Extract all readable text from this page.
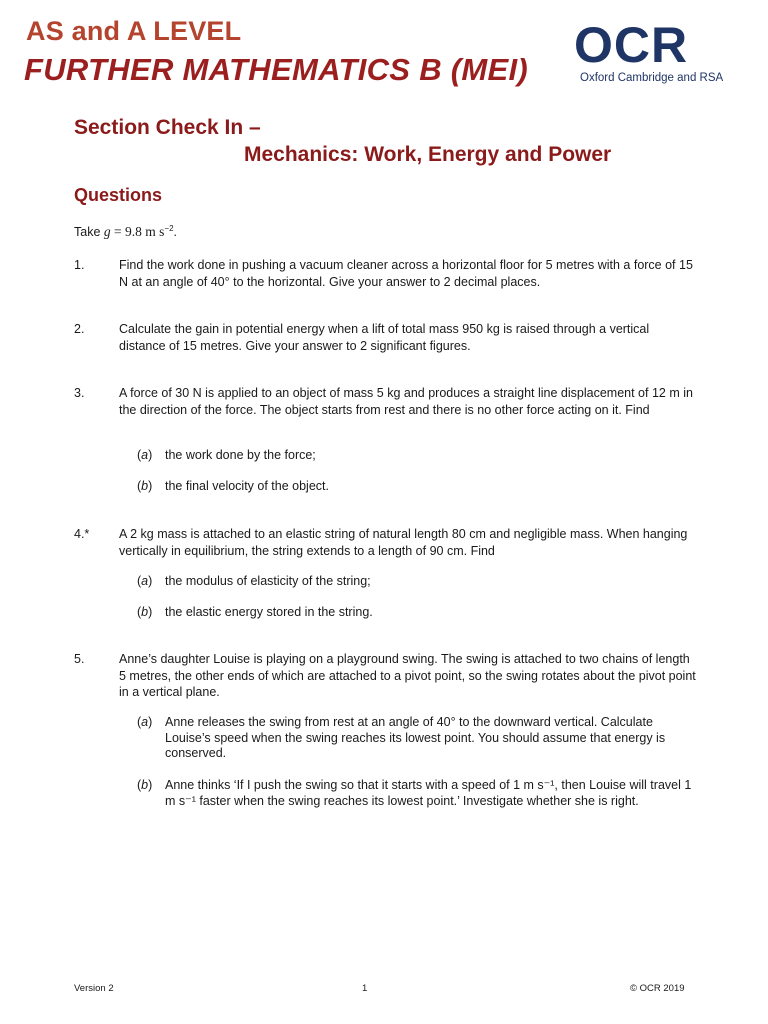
AS and A LEVEL
FURTHER MATHEMATICS B (MEI) OCR
Oxford Cambridge and RSA
Section Check In –
Mechanics: Work, Energy and Power
Questions
Take g = 9.8 m $s^{-2}$.
1.	Find the work done in pushing a vacuum cleaner across a horizontal floor for 5 metres with a force of 15 N at an angle of 40° to the horizontal. Give your answer to 2 decimal places.
2.	Calculate the gain in potential energy when a lift of total mass 950 kg is raised through a vertical distance of 15 metres. Give your answer to 2 significant figures.
3.	A force of 30 N is applied to an object of mass 5 kg and produces a straight line displacement of 12 m in the direction of the force. The object starts from rest and there is no other force acting on it. Find
(a) the work done by the force;
(b) the final velocity of the object.
4.* A 2 kg mass is attached to an elastic string of natural length 80 cm and negligible mass. When hanging vertically in equilibrium, the string extends to a length of 90 cm. Find
(a) the modulus of elasticity of the string;
(b) the elastic energy stored in the string.
5.	Anne’s daughter Louise is playing on a playground swing. The swing is attached to two chains of length 5 metres, the other ends of which are attached to a pivot point, so the swing rotates about the pivot point in a vertical plane.
(a) Anne releases the swing from rest at an angle of 40° to the downward vertical. Calculate Louise’s speed when the swing reaches its lowest point. You should assume that energy is conserved.
(b) Anne thinks ‘If I push the swing so that it starts with a speed of 1 m s⁻¹, then Louise will travel 1 m s⁻¹ faster when the swing reaches its lowest point.’ Investigate whether she is right.
Version 2	1	© OCR 2019
